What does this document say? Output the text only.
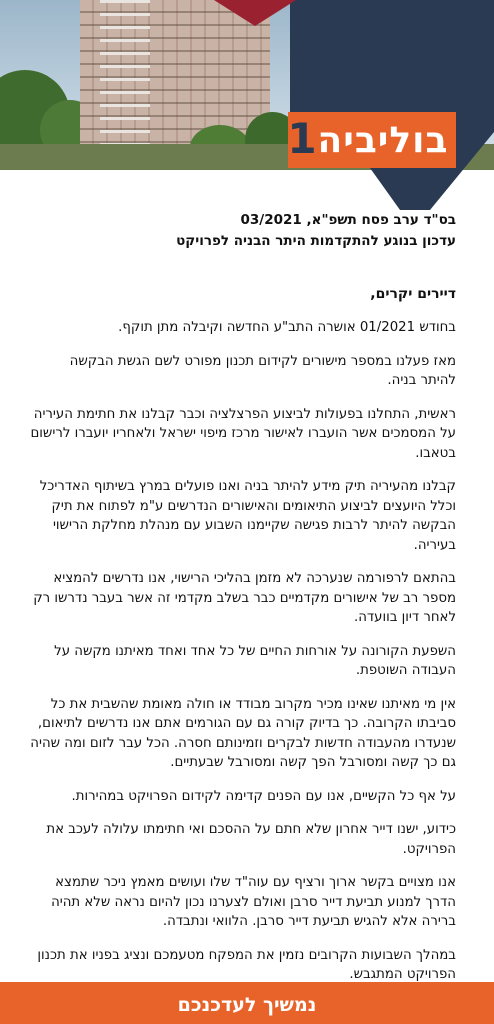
בוליביה
1

בס"ד ערב פסח תשפ"א, 03/2021

עדכון בנוגע להתקדמות היתר הבניה לפרויקט

דיירים יקרים,

בחודש 01/2021 אושרה התב"ע החדשה וקיבלה מתן תוקף.

מאז פעלנו במספר מישורים לקידום תכנון מפורט לשם הגשת הבקשה להיתר בניה.

ראשית, התחלנו בפעולות לביצוע הפרצלציה וכבר קבלנו את חתימת העיריה על המסמכים אשר הועברו לאישור מרכז מיפוי ישראל ולאחריו יועברו לרישום בטאבו.

קבלנו מהעיריה תיק מידע להיתר בניה ואנו פועלים במרץ בשיתוף האדריכל וכלל היועצים לביצוע התיאומים והאישורים הנדרשים ע"מ לפתוח את תיק הבקשה להיתר לרבות פגישה שקיימנו השבוע עם מנהלת מחלקת הרישוי בעיריה.

בהתאם לרפורמה שנערכה לא מזמן בהליכי הרישוי, אנו נדרשים להמציא מספר רב של אישורים מקדמיים כבר בשלב מקדמי זה אשר בעבר נדרשו רק לאחר דיון בוועדה.

השפעת הקורונה על אורחות החיים של כל אחד ואחד מאיתנו מקשה על העבודה השוטפת.

אין מי מאיתנו שאינו מכיר מקרוב מבודד או חולה מאומת שהשבית את כל סביבתו הקרובה. כך בדיוק קורה גם עם הגורמים אתם אנו נדרשים לתיאום, שנעדרו מהעבודה חדשות לבקרים וזמינותם חסרה. הכל עבר לזום ומה שהיה גם כך קשה ומסורבל הפך קשה ומסורבל שבעתיים.

על אף כל הקשיים, אנו עם הפנים קדימה לקידום הפרויקט במהירות.

כידוע, ישנו דייר אחרון שלא חתם על ההסכם ואי חתימתו עלולה לעכב את הפרויקט.

אנו מצויים בקשר ארוך ורציף עם עוה"ד שלו ועושים מאמץ ניכר שתמצא הדרך למנוע תביעת דייר סרבן ואולם לצערנו נכון להיום נראה שלא תהיה ברירה אלא להגיש תביעת דייר סרבן. הלוואי ונתבדה.

במהלך השבועות הקרובים נזמין את המפקח מטעמכם ונציג בפניו את תכנון הפרויקט המתגבש.

נמשיך לעדכנכם
